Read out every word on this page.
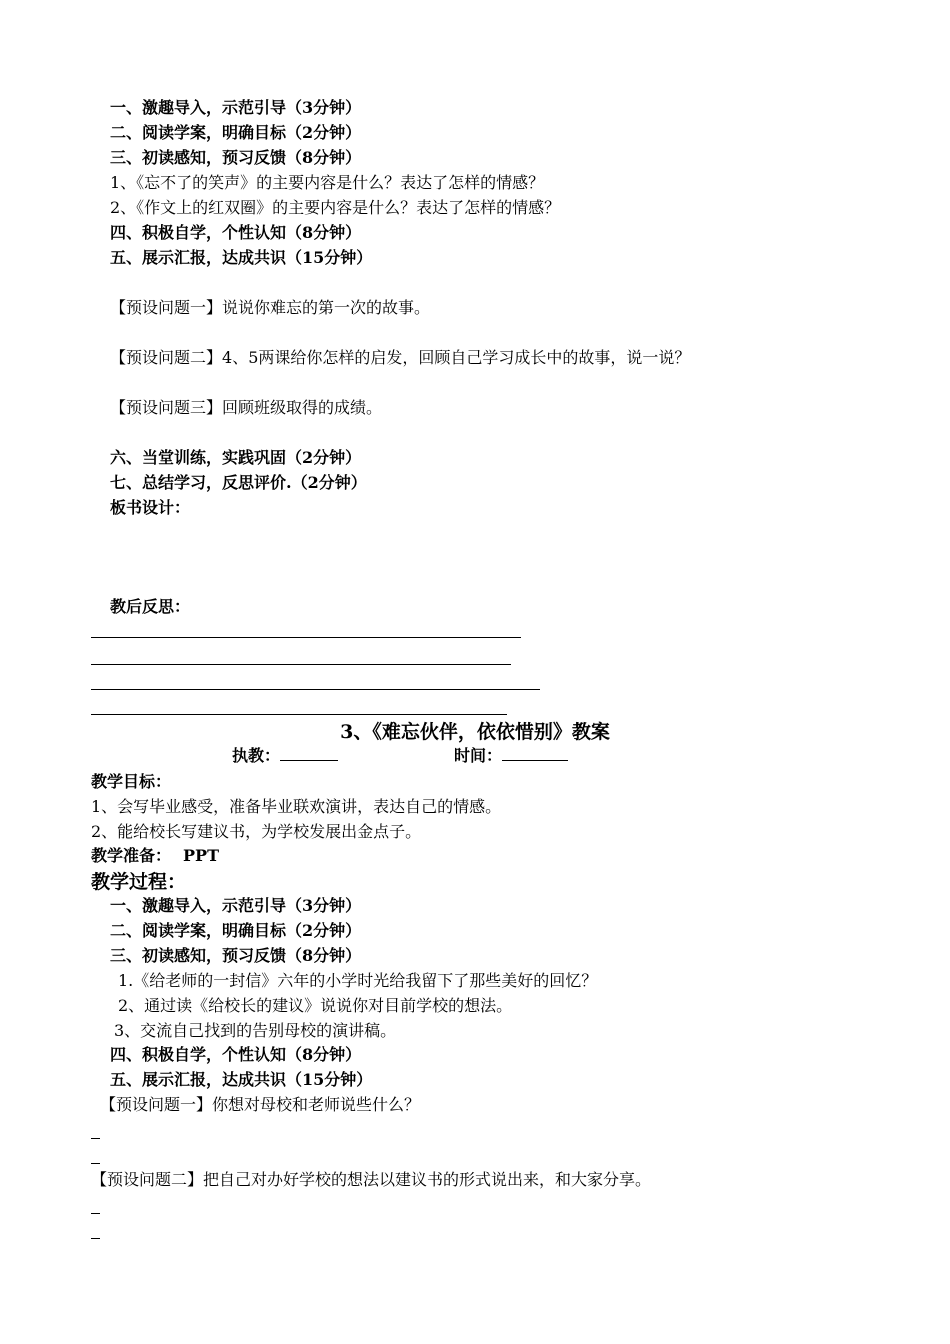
一、激趣导入，示范引导（3分钟）
二、阅读学案，明确目标（2分钟）
三、初读感知，预习反馈（8分钟）
1、《忘不了的笑声》的主要内容是什么？表达了怎样的情感？
2、《作文上的红双圈》的主要内容是什么？表达了怎样的情感？
四、积极自学，个性认知（8分钟）
五、展示汇报，达成共识（15分钟）
【预设问题一】说说你难忘的第一次的故事。
【预设问题二】4、5两课给你怎样的启发，回顾自己学习成长中的故事，说一说？
【预设问题三】回顾班级取得的成绩。
六、当堂训练，实践巩固（2分钟）
七、总结学习，反思评价.（2分钟）
板书设计：
教后反思：
3、《难忘伙伴，依依惜别》教案
执教：	时间：
教学目标：
1、会写毕业感受，准备毕业联欢演讲，表达自己的情感。
2、能给校长写建议书，为学校发展出金点子。
教学准备： PPT
教学过程：
一、激趣导入，示范引导（3分钟）
二、阅读学案，明确目标（2分钟）
三、初读感知，预习反馈（8分钟）
1.《给老师的一封信》六年的小学时光给我留下了那些美好的回忆？
2、通过读《给校长的建议》说说你对目前学校的想法。
3、交流自己找到的告别母校的演讲稿。
四、积极自学，个性认知（8分钟）
五、展示汇报，达成共识（15分钟）
【预设问题一】你想对母校和老师说些什么？
【预设问题二】把自己对办好学校的想法以建议书的形式说出来，和大家分享。
